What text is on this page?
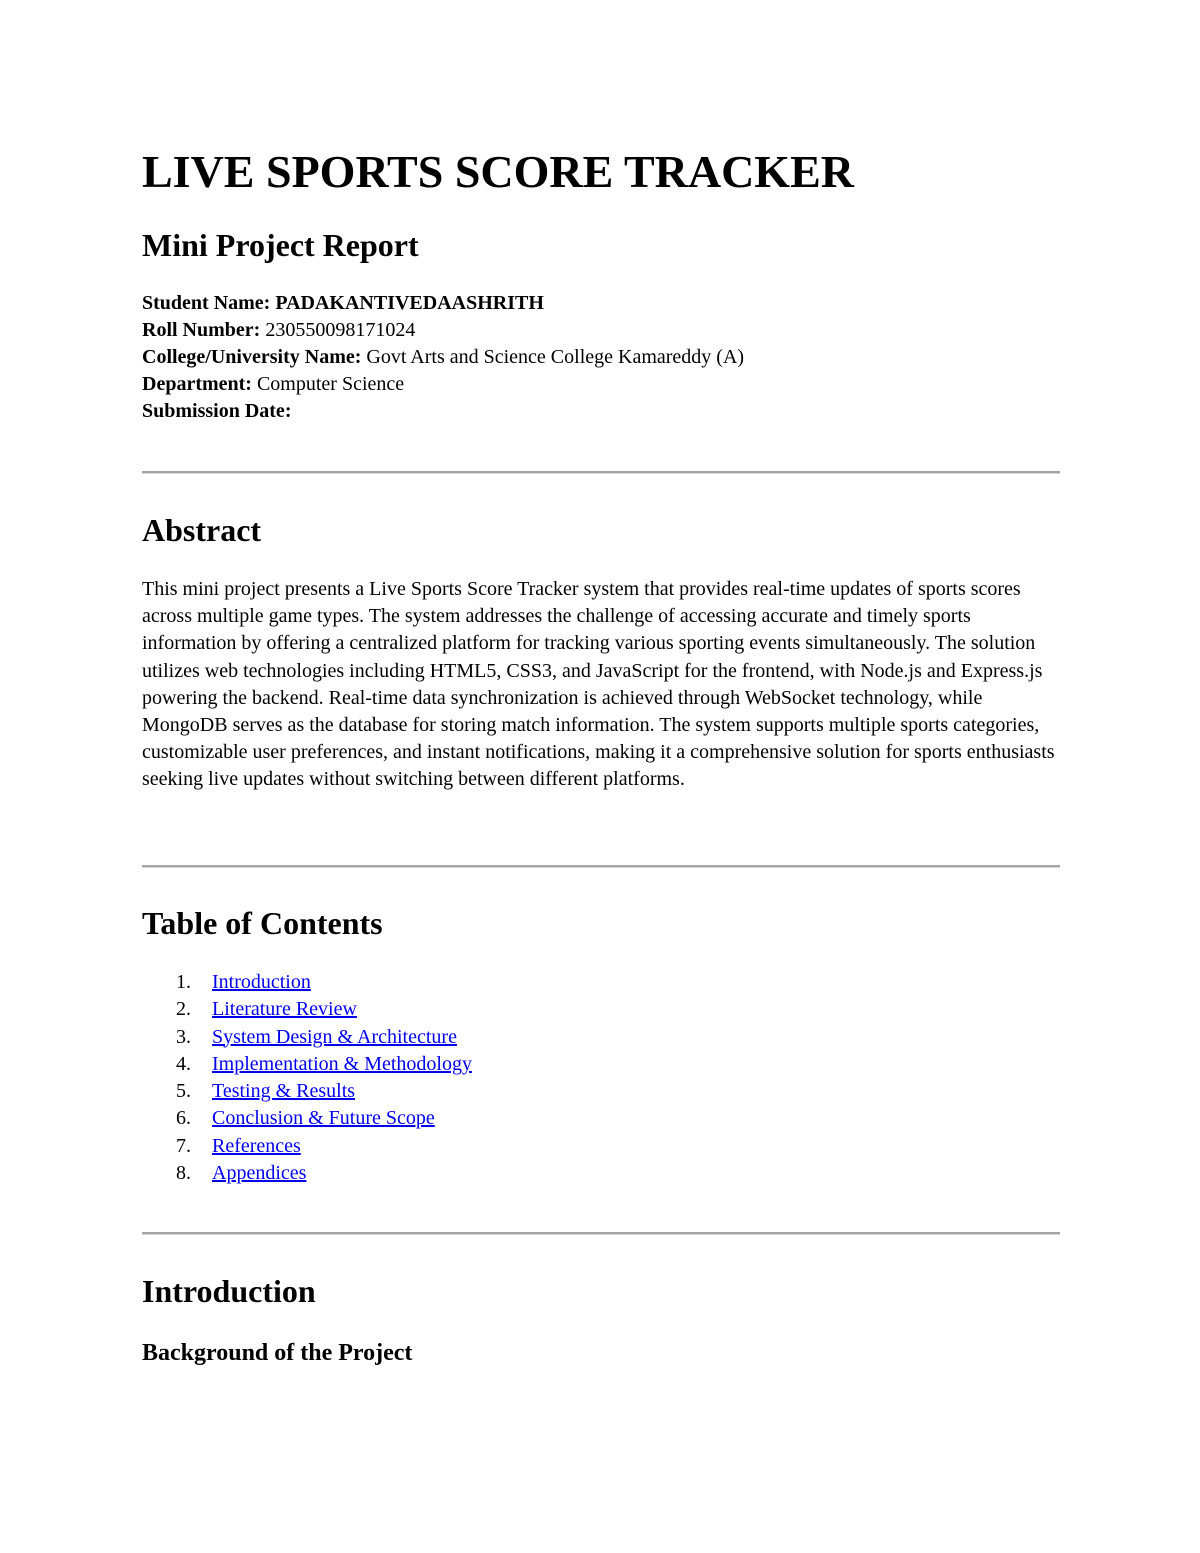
LIVE SPORTS SCORE TRACKER
Mini Project Report
Student Name: PADAKANTIVEDAASHRITH
Roll Number: 230550098171024
College/University Name: Govt Arts and Science College Kamareddy (A)
Department: Computer Science
Submission Date:
Abstract

This mini project presents a Live Sports Score Tracker system that provides real-time updates of sports scores across multiple game types. The system addresses the challenge of accessing accurate and timely sports information by offering a centralized platform for tracking various sporting events simultaneously. The solution utilizes web technologies including HTML5, CSS3, and JavaScript for the frontend, with Node.js and Express.js powering the backend. Real-time data synchronization is achieved through WebSocket technology, while MongoDB serves as the database for storing match information. The system supports multiple sports categories, customizable user preferences, and instant notifications, making it a comprehensive solution for sports enthusiasts seeking live updates without switching between different platforms.

Table of Contents
1. Introduction
2. Literature Review
3. System Design & Architecture
4. Implementation & Methodology
5. Testing & Results
6. Conclusion & Future Scope
7. References
8. Appendices
Introduction
Background of the Project
